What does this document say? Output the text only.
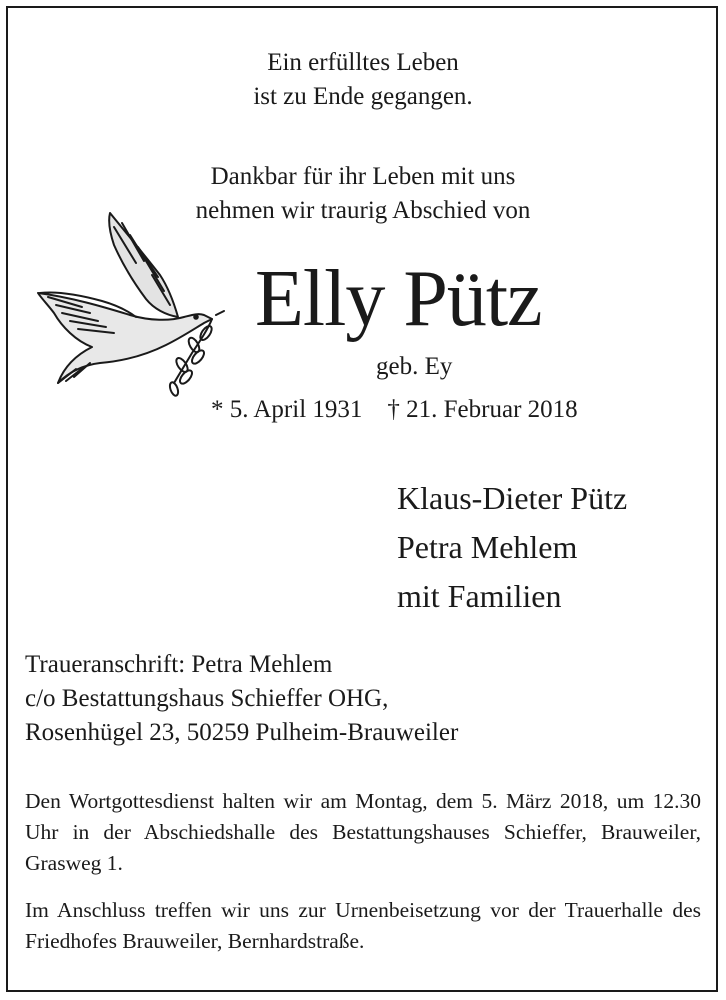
Ein erfülltes Leben
ist zu Ende gegangen.
Dankbar für ihr Leben mit uns
nehmen wir traurig Abschied von
Elly Pütz
geb. Ey
* 5. April 1931    † 21. Februar 2018
Klaus-Dieter Pütz
Petra Mehlem
mit Familien
Traueranschrift: Petra Mehlem
c/o Bestattungshaus Schieffer OHG,
Rosenhügel 23, 50259 Pulheim-Brauweiler
Den Wortgottesdienst halten wir am Montag, dem 5. März 2018, um 12.30 Uhr in der Abschiedshalle des Bestattungshauses Schieffer, Brauweiler, Grasweg 1.
Im Anschluss treffen wir uns zur Urnenbeisetzung vor der Trauerhalle des Friedhofes Brauweiler, Bernhardstraße.
